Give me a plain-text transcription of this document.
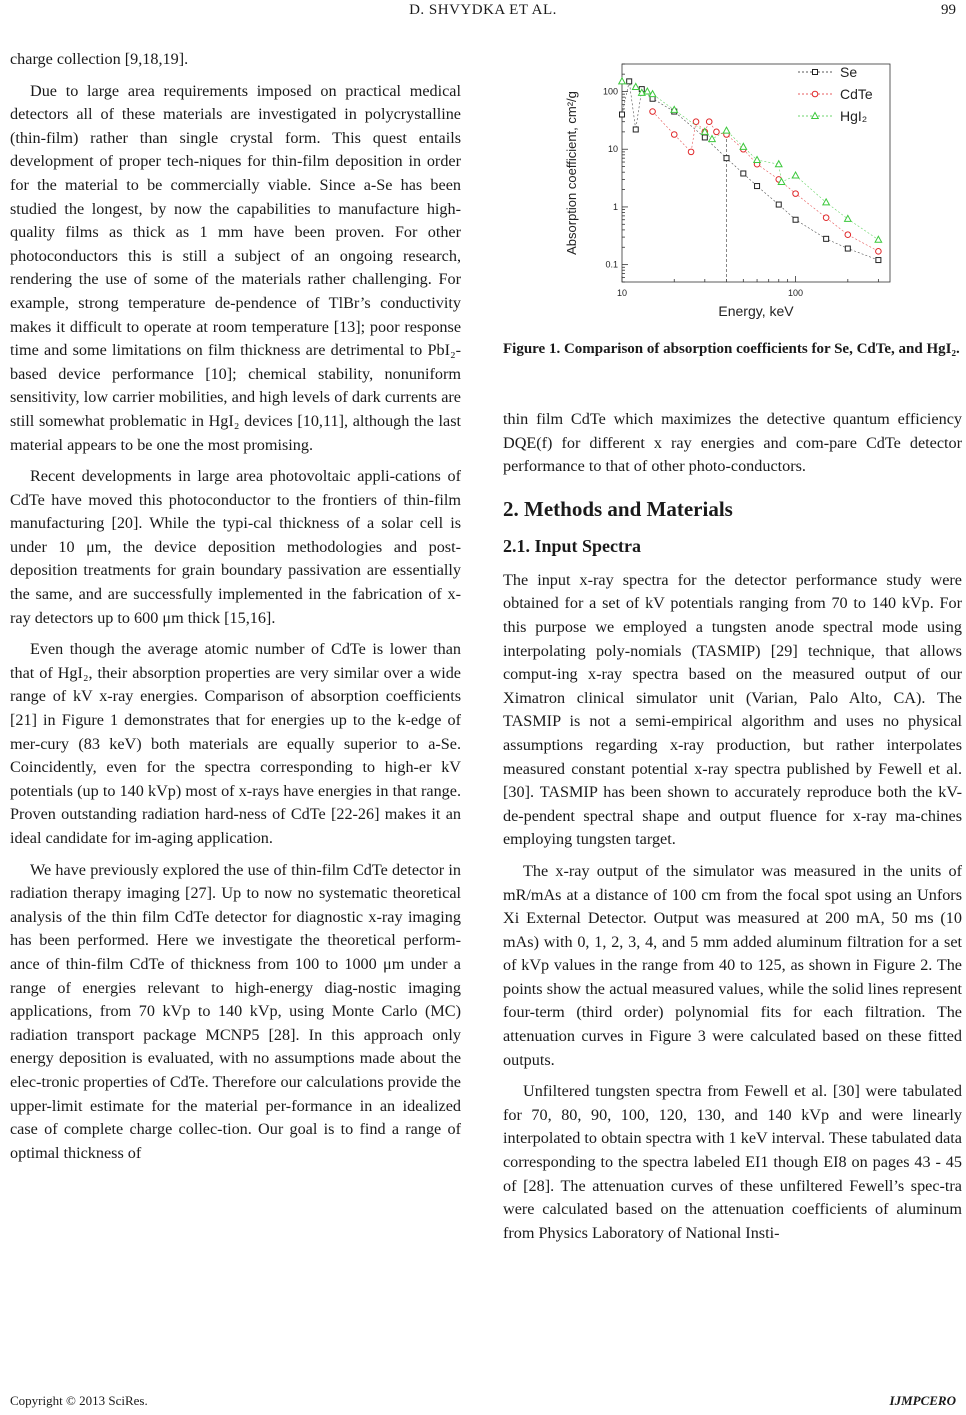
D. SHVYDKA ET AL.	99

charge collection [9,18,19].

Due to large area requirements imposed on practical medical detectors all of these materials are investigated in polycrystalline (thin-film) rather than single crystal form. This quest entails development of proper tech-niques for thin-film deposition in order for the material to be commercially viable. Since a-Se has been studied the longest, by now the capabilities to manufacture high-quality films as thick as 1 mm have been proven. For other photoconductors this is still a subject of an ongoing research, rendering the use of some of the materials rather challenging. For example, strong temperature de-pendence of TlBr’s conductivity makes it difficult to operate at room temperature [13]; poor response time and some limitations on film thickness are detrimental to PbI₂-based device performance [10]; chemical stability, nonuniform sensitivity, low carrier mobilities, and high levels of dark currents are still somewhat problematic in HgI₂ devices [10,11], although the last material appears to be one the most promising.

Recent developments in large area photovoltaic appli-cations of CdTe have moved this photoconductor to the frontiers of thin-film manufacturing [20]. While the typi-cal thickness of a solar cell is under 10 μm, the device deposition methodologies and post-deposition treatments for grain boundary passivation are essentially the same, and are successfully implemented in the fabrication of x-ray detectors up to 600 μm thick [15,16].

Even though the average atomic number of CdTe is lower than that of HgI₂, their absorption properties are very similar over a wide range of kV x-ray energies. Comparison of absorption coefficients [21] in Figure 1 demonstrates that for energies up to the k-edge of mer-cury (83 keV) both materials are equally superior to a-Se. Coincidently, even for the spectra corresponding to high-er kV potentials (up to 140 kVp) most of x-rays have energies in that range. Proven outstanding radiation hard-ness of CdTe [22-26] makes it an ideal candidate for im-aging application.

We have previously explored the use of thin-film CdTe detector in radiation therapy imaging [27]. Up to now no systematic theoretical analysis of the thin film CdTe detector for diagnostic x-ray imaging has been performed. Here we investigate the theoretical perform-ance of thin-film CdTe of thickness from 100 to 1000 μm under a range of energies relevant to high-energy diag-nostic imaging applications, from 70 kVp to 140 kVp, using Monte Carlo (MC) radiation transport package MCNP5 [28]. In this approach only energy deposition is evaluated, with no assumptions made about the elec-tronic properties of CdTe. Therefore our calculations provide the upper-limit estimate for the material per-formance in an idealized case of complete charge collec-tion. Our goal is to find a range of optimal thickness of

10	100
100
10
1
0.1
Energy, keV
Absorption coefficient, cm²/g
Se
CdTe
HgI₂
Figure 1. Comparison of absorption coefficients for Se, CdTe, and HgI₂.

thin film CdTe which maximizes the detective quantum efficiency DQE(f) for different x ray energies and com-pare CdTe detector performance to that of other photo-conductors.

2. Methods and Materials
2.1. Input Spectra

The input x-ray spectra for the detector performance study were obtained for a set of kV potentials ranging from 70 to 140 kVp. For this purpose we employed a tungsten anode spectral mode using interpolating poly-nomials (TASMIP) [29] technique, that allows comput-ing x-ray spectra based on the measured output of our Ximatron clinical simulator unit (Varian, Palo Alto, CA). The TASMIP is not a semi-empirical algorithm and uses no physical assumptions regarding x-ray production, but rather interpolates measured constant potential x-ray spectra published by Fewell et al. [30]. TASMIP has been shown to accurately reproduce both the kV-de-pendent spectral shape and output fluence for x-ray ma-chines employing tungsten target.

The x-ray output of the simulator was measured in the units of mR/mAs at a distance of 100 cm from the focal spot using an Unfors Xi External Detector. Output was measured at 200 mA, 50 ms (10 mAs) with 0, 1, 2, 3, 4, and 5 mm added aluminum filtration for a set of kVp values in the range from 40 to 125, as shown in Figure 2. The points show the actual measured values, while the solid lines represent four-term (third order) polynomial fits for each filtration. The attenuation curves in Figure 3 were calculated based on these fitted outputs.

Unfiltered tungsten spectra from Fewell et al. [30] were tabulated for 70, 80, 90, 100, 120, 130, and 140 kVp and were linearly interpolated to obtain spectra with 1 keV interval. These tabulated data corresponding to the spectra labeled EI1 though EI8 on pages 43 - 45 of [28]. The attenuation curves of these unfiltered Fewell’s spec-tra were calculated based on the attenuation coefficients of aluminum from Physics Laboratory of National Insti-

Copyright © 2013 SciRes.	IJMPCERO
